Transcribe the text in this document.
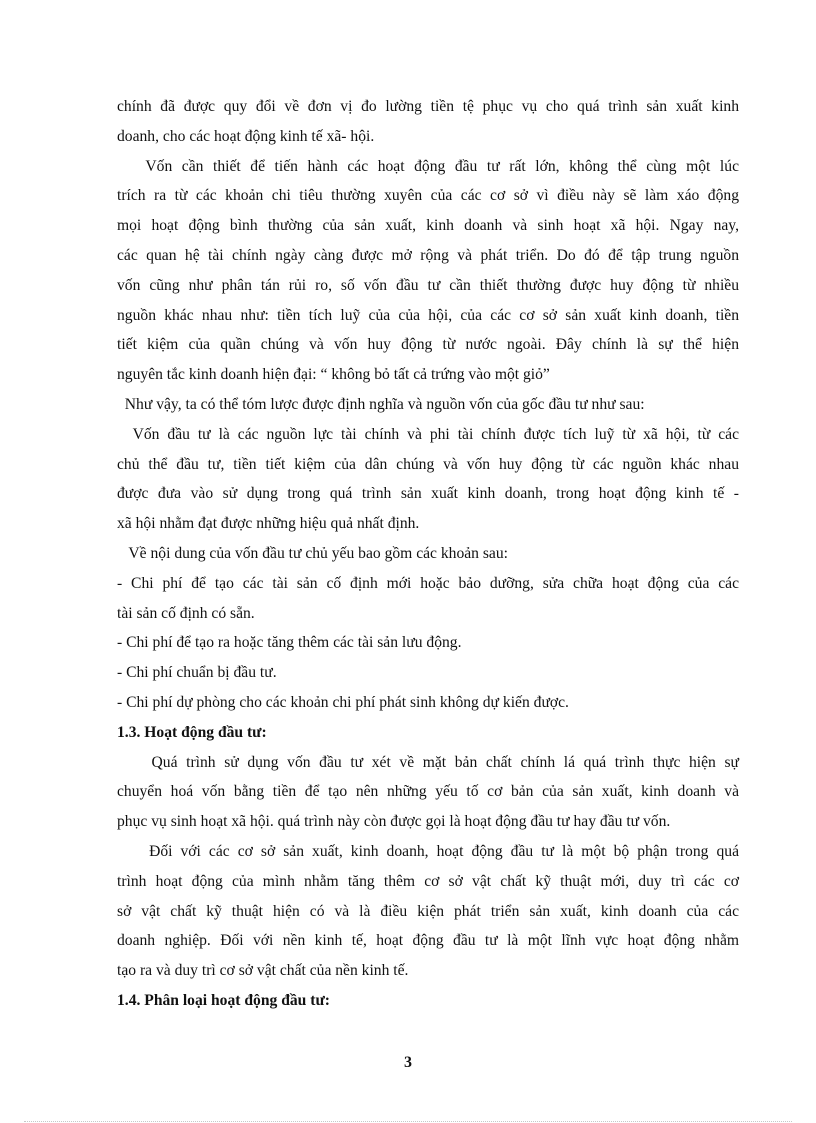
chính đã được quy đổi về đơn vị đo lường tiền tệ phục vụ cho quá trình sản xuất kinh
doanh, cho các hoạt động kinh tế xã- hội.
Vốn cần thiết để tiến hành các hoạt động đầu tư rất lớn, không thể cùng một lúc
trích ra từ các khoản chi tiêu thường xuyên của các cơ sở vì điều này sẽ làm xáo động
mọi hoạt động bình thường của sản xuất, kinh doanh và sinh hoạt xã hội. Ngay nay,
các quan hệ tài chính ngày càng được mở rộng và phát triển. Do đó để tập trung nguồn
vốn cũng như phân tán rủi ro, số vốn đầu tư cần thiết thường được huy động từ nhiều
nguồn khác nhau như: tiền tích luỹ của của hội, của các cơ sở sản xuất kinh doanh, tiền
tiết kiệm của quần chúng và vốn huy động từ nước ngoài. Đây chính là sự thể hiện
nguyên tắc kinh doanh hiện đại: “ không bỏ tất cả trứng vào một giỏ”
Như vậy, ta có thể tóm lược được định nghĩa và nguồn vốn của gốc đầu tư như sau:
Vốn đầu tư là các nguồn lực tài chính và phi tài chính được tích luỹ từ xã hội, từ các
chủ thể đầu tư, tiền tiết kiệm của dân chúng và vốn huy động từ các nguồn khác nhau
được đưa vào sử dụng trong quá trình sản xuất kinh doanh, trong hoạt động kinh tế -
xã hội nhằm đạt được những hiệu quả nhất định.
Về nội dung của vốn đầu tư chủ yếu bao gồm các khoản sau:
- Chi phí để tạo các tài sản cố định mới hoặc bảo dưỡng, sửa chữa hoạt động của các
tài sản cố định có sẵn.
- Chi phí để tạo ra hoặc tăng thêm các tài sản lưu động.
- Chi phí chuẩn bị đầu tư.
- Chi phí dự phòng cho các khoản chi phí phát sinh không dự kiến được.
1.3. Hoạt động đầu tư:
Quá trình sử dụng vốn đầu tư xét về mặt bản chất chính lá quá trình thực hiện sự
chuyển hoá vốn bằng tiền để tạo nên những yếu tố cơ bản của sản xuất, kinh doanh và
phục vụ sinh hoạt xã hội. quá trình này còn được gọi là hoạt động đầu tư hay đầu tư vốn.
Đối với các cơ sở sản xuất, kinh doanh, hoạt động đầu tư là một bộ phận trong quá
trình hoạt động của mình nhằm tăng thêm cơ sở vật chất kỹ thuật mới, duy trì các cơ
sở vật chất kỹ thuật hiện có và là điều kiện phát triển sản xuất, kinh doanh của các
doanh nghiệp. Đối với nền kinh tế, hoạt động đầu tư là một lĩnh vực hoạt động nhằm
tạo ra và duy trì cơ sở vật chất của nền kinh tế.
1.4. Phân loại hoạt động đầu tư:
3
